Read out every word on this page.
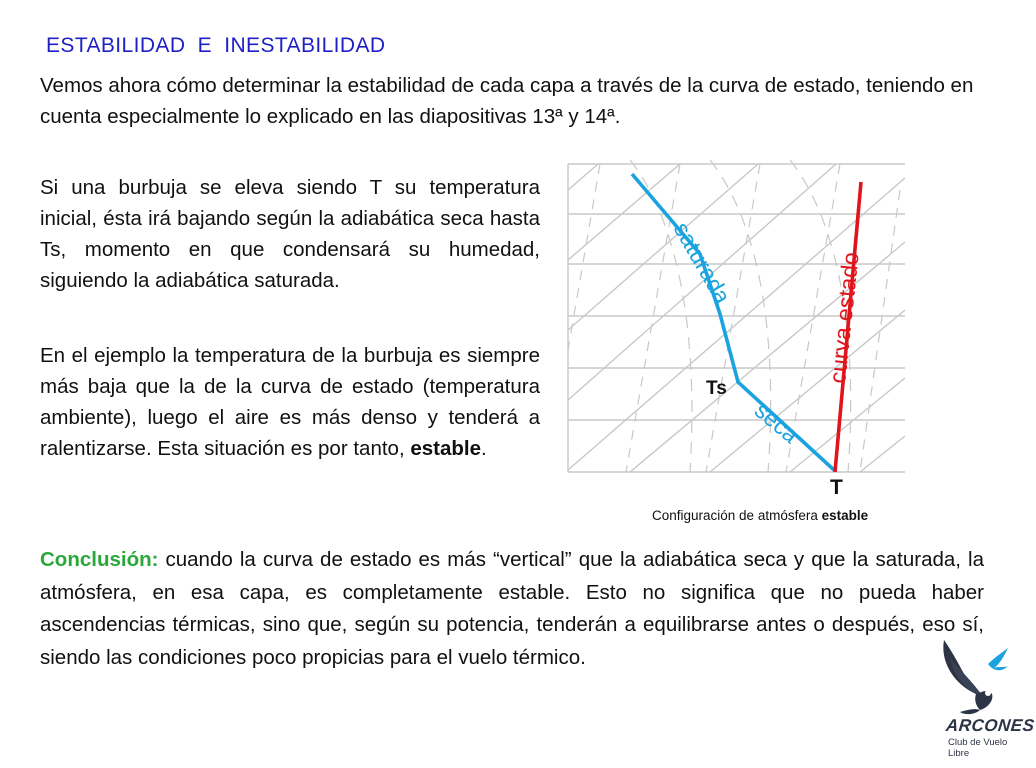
ESTABILIDAD E INESTABILIDAD
Vemos ahora cómo determinar la estabilidad de cada capa a través de la curva de estado, teniendo en cuenta especialmente lo explicado en las diapositivas 13ª y 14ª.
Si una burbuja se eleva siendo T su temperatura inicial, ésta irá bajando según la adiabática seca hasta Ts, momento en que condensará su humedad, siguiendo la adiabática saturada.
En el ejemplo la temperatura de la burbuja es siempre más baja que la de la curva de estado (temperatura ambiente), luego el aire es más denso y tenderá a ralentizarse. Esta situación es por tanto, estable.
saturada	curva estado
seca
Ts
T
Configuración de atmósfera estable
Conclusión: cuando la curva de estado es más “vertical” que la adiabática seca y que la saturada, la atmósfera, en esa capa, es completamente estable. Esto no significa que no pueda haber ascendencias térmicas, sino que, según su potencia, tenderán a equilibrarse antes o después, eso sí, siendo las condiciones poco propicias para el vuelo térmico.
ARCONES
Club de Vuelo Libre
